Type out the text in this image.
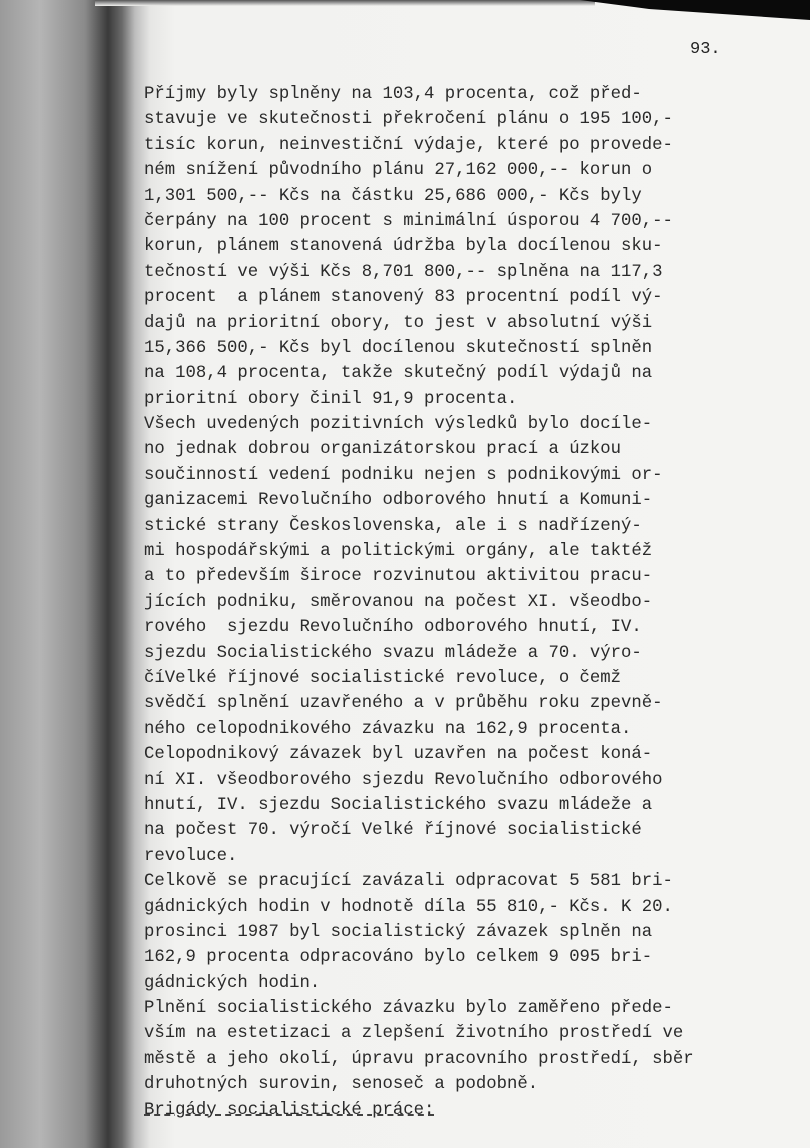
93.
Příjmy byly splněny na 103,4 procenta, což před-
stavuje ve skutečnosti překročení plánu o 195 100,-
tisíc korun, neinvestiční výdaje, které po provede-
ném snížení původního plánu 27,162 000,-- korun o
1,301 500,-- Kčs na částku 25,686 000,- Kčs byly
čerpány na 100 procent s minimální úsporou 4 700,--
korun, plánem stanovená údržba byla docílenou sku-
tečností ve výši Kčs 8,701 800,-- splněna na 117,3
procent  a plánem stanovený 83 procentní podíl vý-
dajů na prioritní obory, to jest v absolutní výši
15,366 500,- Kčs byl docílenou skutečností splněn
na 108,4 procenta, takže skutečný podíl výdajů na
prioritní obory činil 91,9 procenta.
Všech uvedených pozitivních výsledků bylo docíle-
no jednak dobrou organizátorskou prací a úzkou
součinností vedení podniku nejen s podnikovými or-
ganizacemi Revolučního odborového hnutí a Komuni-
stické strany Československa, ale i s nadřízený-
mi hospodářskými a politickými orgány, ale taktéž
a to především široce rozvinutou aktivitou pracu-
jících podniku, směrovanou na počest XI. všeodbo-
rového  sjezdu Revolučního odborového hnutí, IV.
sjezdu Socialistického svazu mládeže a 70. výro-
číVelké říjnové socialistické revoluce, o čemž
svědčí splnění uzavřeného a v průběhu roku zpevně-
ného celopodnikového závazku na 162,9 procenta.
Celopodnikový závazek byl uzavřen na počest koná-
ní XI. všeodborového sjezdu Revolučního odborového
hnutí, IV. sjezdu Socialistického svazu mládeže a
na počest 70. výročí Velké říjnové socialistické
revoluce.
Celkově se pracující zavázali odpracovat 5 581 bri-
gádnických hodin v hodnotě díla 55 810,- Kčs. K 20.
prosinci 1987 byl socialistický závazek splněn na
162,9 procenta odpracováno bylo celkem 9 095 bri-
gádnických hodin.
Plnění socialistického závazku bylo zaměřeno přede-
vším na estetizaci a zlepšení životního prostředí ve
městě a jeho okolí, úpravu pracovního prostředí, sběr
druhotných surovin, senoseč a podobně.
Brigády socialistické práce:
